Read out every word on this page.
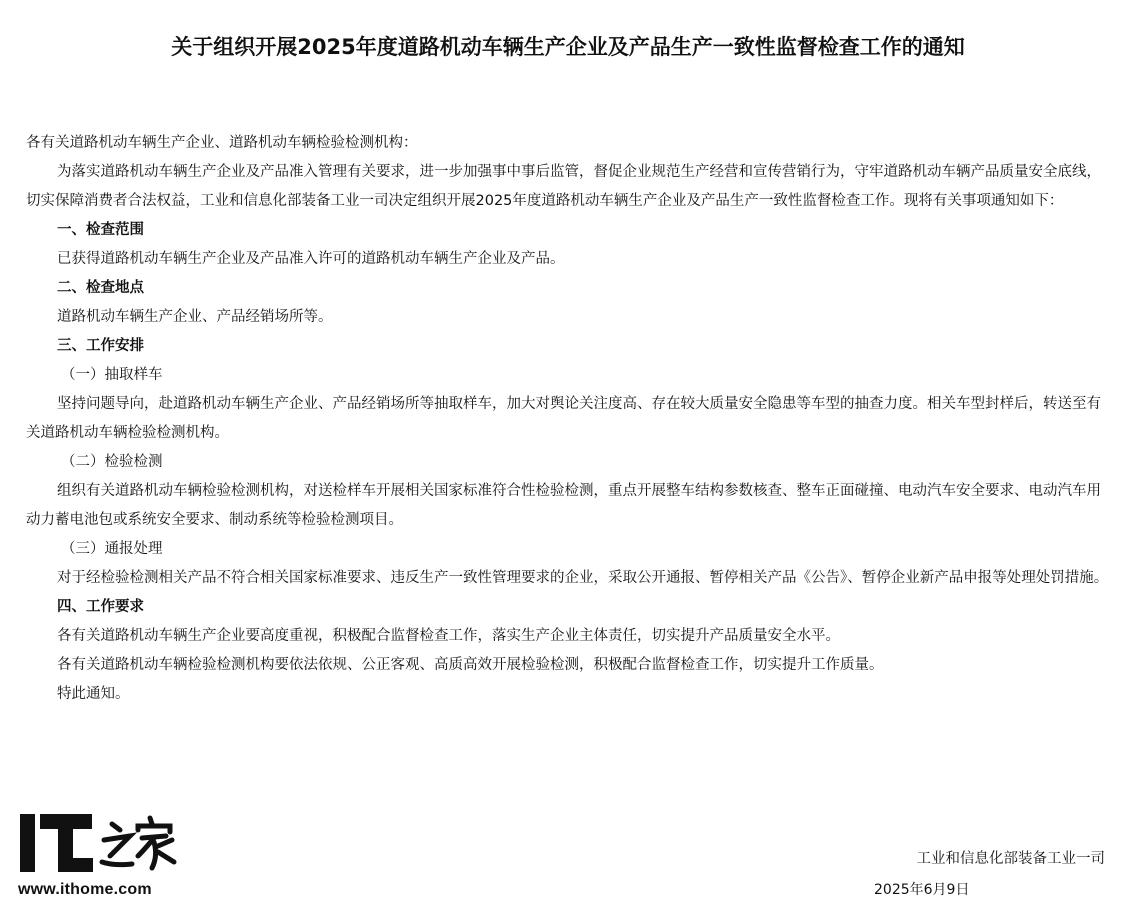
关于组织开展2025年度道路机动车辆生产企业及产品生产一致性监督检查工作的通知

各有关道路机动车辆生产企业、道路机动车辆检验检测机构：

为落实道路机动车辆生产企业及产品准入管理有关要求，进一步加强事中事后监管，督促企业规范生产经营和宣传营销行为，守牢道路机动车辆产品质量安全底线，切实保障消费者合法权益，工业和信息化部装备工业一司决定组织开展2025年度道路机动车辆生产企业及产品生产一致性监督检查工作。现将有关事项通知如下：

一、检查范围

已获得道路机动车辆生产企业及产品准入许可的道路机动车辆生产企业及产品。

二、检查地点

道路机动车辆生产企业、产品经销场所等。

三、工作安排

（一）抽取样车

坚持问题导向，赴道路机动车辆生产企业、产品经销场所等抽取样车，加大对舆论关注度高、存在较大质量安全隐患等车型的抽查力度。相关车型封样后，转送至有关道路机动车辆检验检测机构。

（二）检验检测

组织有关道路机动车辆检验检测机构，对送检样车开展相关国家标准符合性检验检测，重点开展整车结构参数核查、整车正面碰撞、电动汽车安全要求、电动汽车用动力蓄电池包或系统安全要求、制动系统等检验检测项目。

（三）通报处理

对于经检验检测相关产品不符合相关国家标准要求、违反生产一致性管理要求的企业，采取公开通报、暂停相关产品《公告》、暂停企业新产品申报等处理处罚措施。

四、工作要求

各有关道路机动车辆生产企业要高度重视，积极配合监督检查工作，落实生产企业主体责任，切实提升产品质量安全水平。

各有关道路机动车辆检验检测机构要依法依规、公正客观、高质高效开展检验检测，积极配合监督检查工作，切实提升工作质量。

特此通知。

www.ithome.com
工业和信息化部装备工业一司
2025年6月9日
